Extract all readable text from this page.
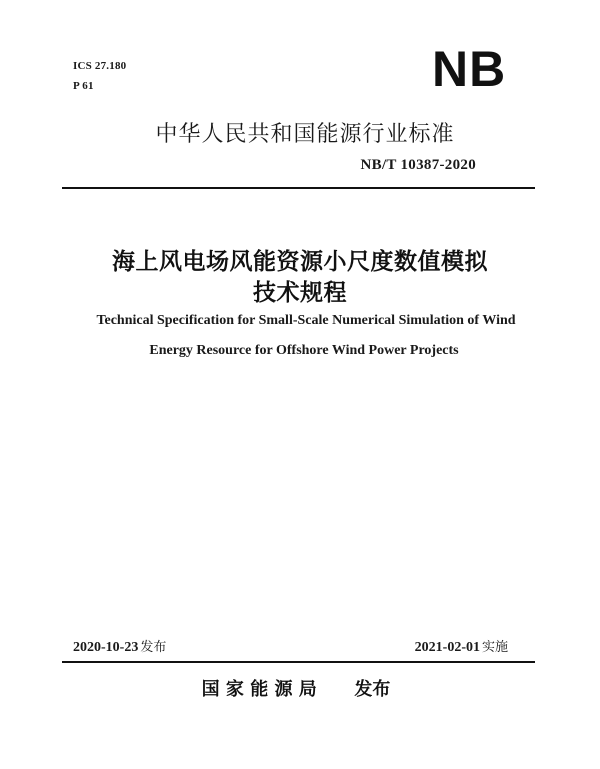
ICS 27.180
P 61	NB
中华人民共和国能源行业标准
NB/T 10387-2020
海上风电场风能资源小尺度数值模拟
技术规程
Technical Specification for Small-Scale Numerical Simulation of Wind
Energy Resource for Offshore Wind Power Projects
2020-10-23 发布	2021-02-01 实施
国 家 能 源 局      发布
